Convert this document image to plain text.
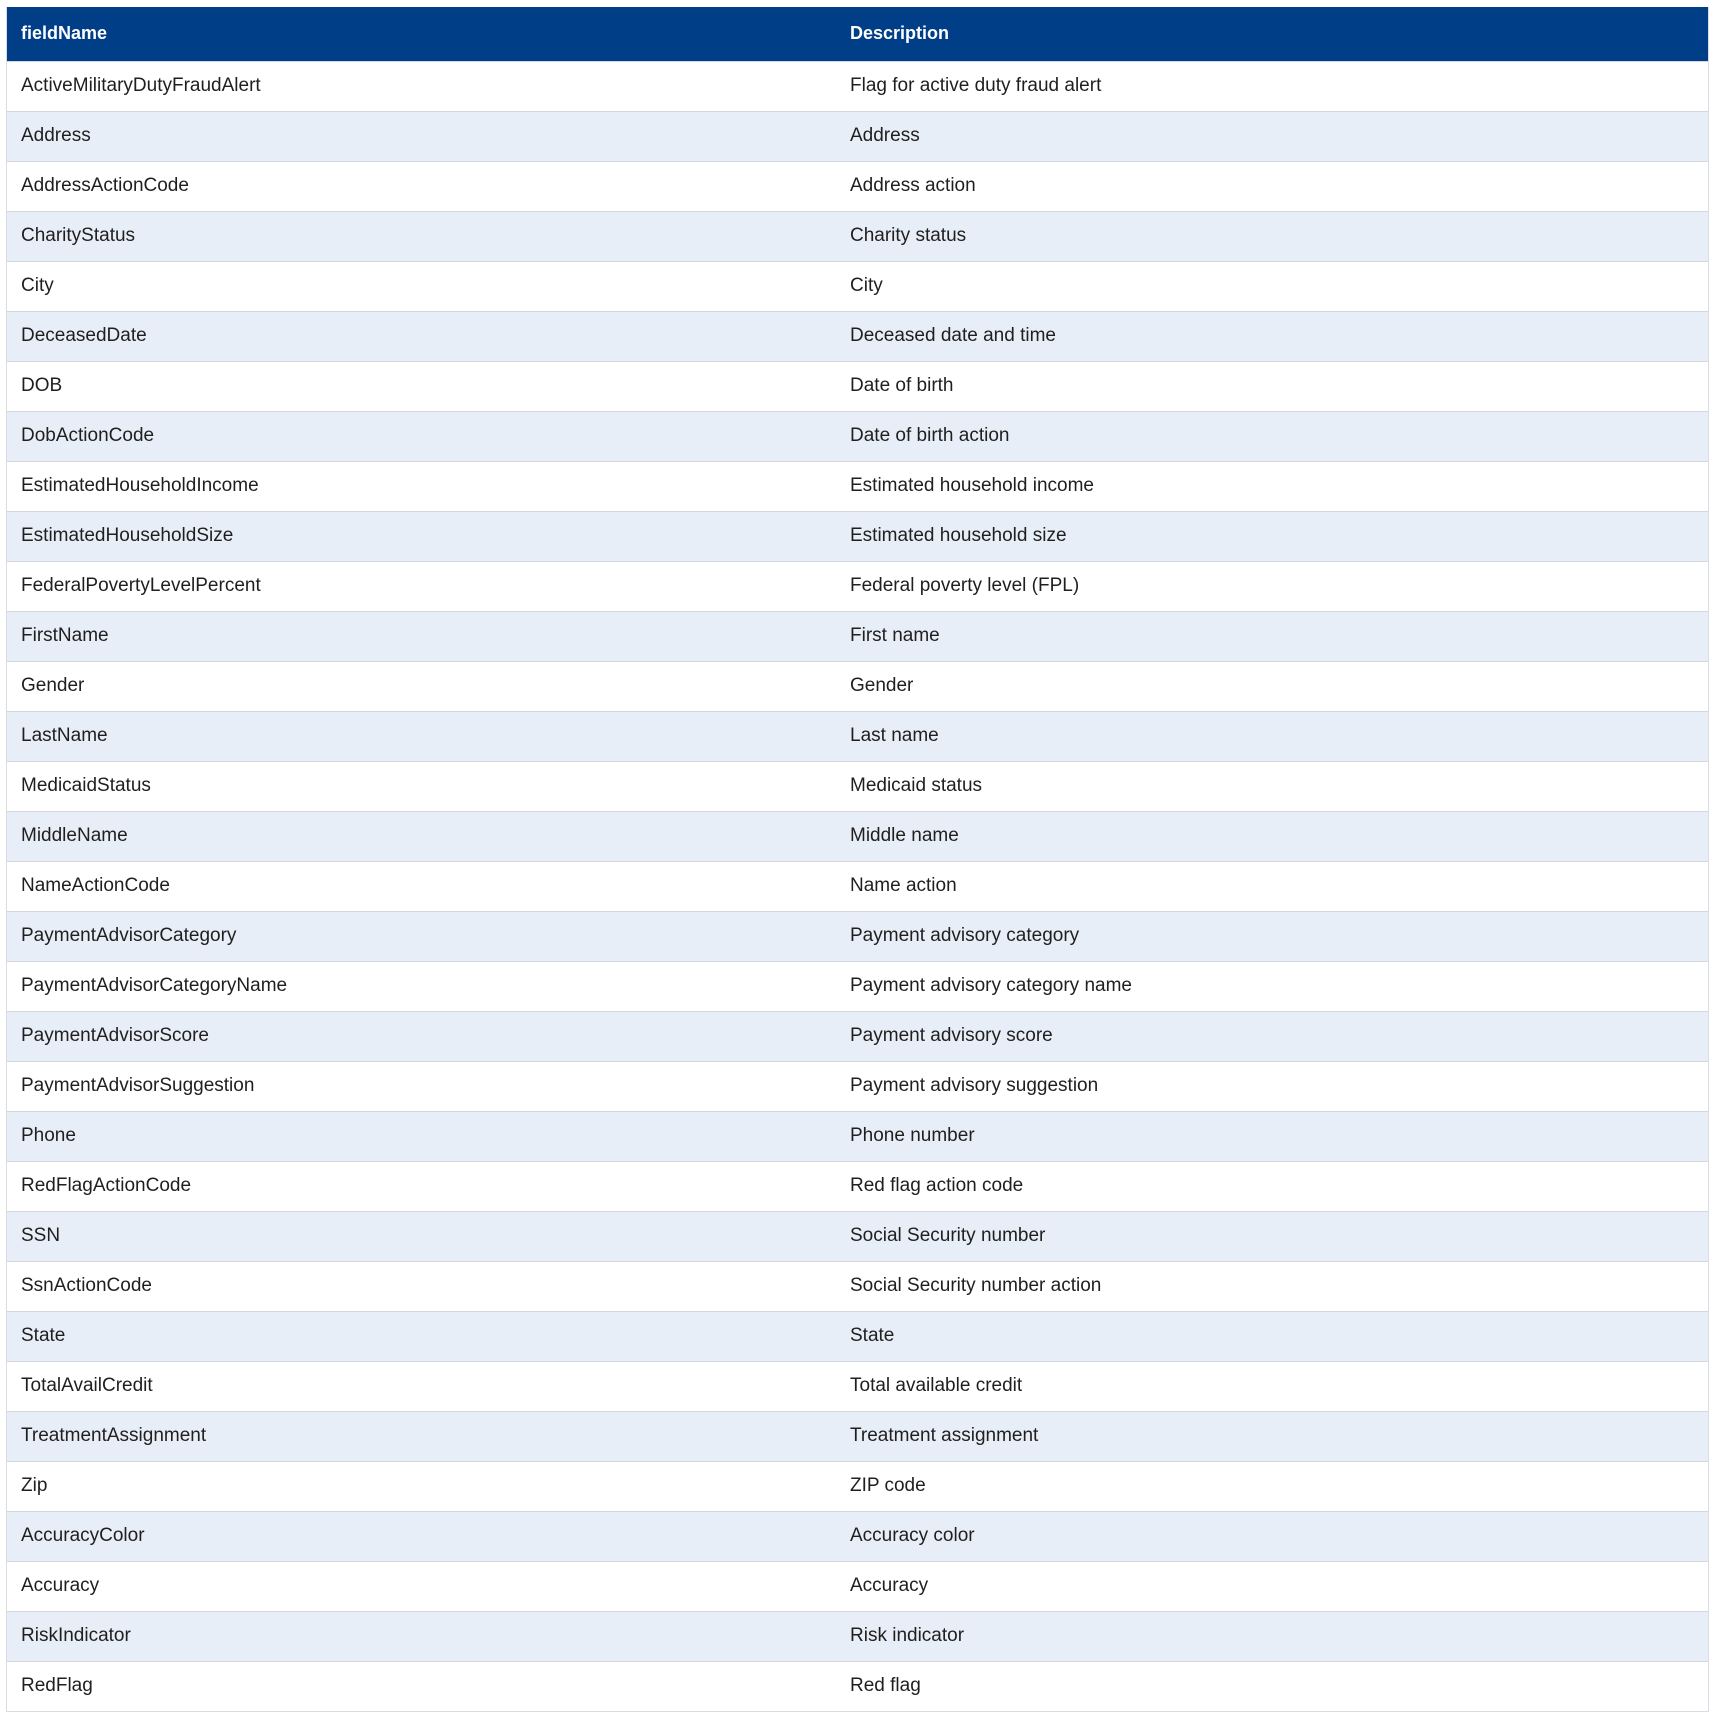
fieldName	Description
ActiveMilitaryDutyFraudAlert	Flag for active duty fraud alert
Address	Address
AddressActionCode	Address action
CharityStatus	Charity status
City	City
DeceasedDate	Deceased date and time
DOB	Date of birth
DobActionCode	Date of birth action
EstimatedHouseholdIncome	Estimated household income
EstimatedHouseholdSize	Estimated household size
FederalPovertyLevelPercent	Federal poverty level (FPL)
FirstName	First name
Gender	Gender
LastName	Last name
MedicaidStatus	Medicaid status
MiddleName	Middle name
NameActionCode	Name action
PaymentAdvisorCategory	Payment advisory category
PaymentAdvisorCategoryName	Payment advisory category name
PaymentAdvisorScore	Payment advisory score
PaymentAdvisorSuggestion	Payment advisory suggestion
Phone	Phone number
RedFlagActionCode	Red flag action code
SSN	Social Security number
SsnActionCode	Social Security number action
State	State
TotalAvailCredit	Total available credit
TreatmentAssignment	Treatment assignment
Zip	ZIP code
AccuracyColor	Accuracy color
Accuracy	Accuracy
RiskIndicator	Risk indicator
RedFlag	Red flag
